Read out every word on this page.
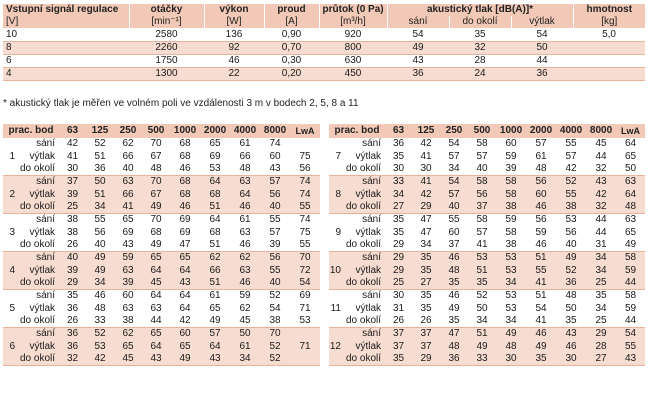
Vstupní signál regulace	otáčky	výkon	proud	průtok (0 Pa)	akustický tlak [dB(A)]*			hmotnost
[V]	[min⁻¹]	[W]	[A]	[m³/h]	sání	do okolí	výtlak	[kg]
10	2580	136	0,90	920	54	35	54	5,0
8	2260	92	0,70	800	49	32	50	
6	1750	46	0,30	630	43	28	44	
4	1300	22	0,20	450	36	24	36	
* akustický tlak je měřen ve volném poli ve vzdálenosti 3 m v bodech 2, 5, 8 a 11
prac. bod		63	125	250	500	1000	2000	4000	8000	LwA
	sání	42	52	62	70	68	65	61	74	
1	výtlak	41	51	66	67	68	69	66	60	75
	do okolí	30	36	40	48	46	53	48	43	56
	sání	37	50	63	70	68	64	63	57	74
2	výtlak	39	51	66	67	68	68	64	56	74
	do okolí	25	34	41	49	46	51	46	40	55
	sání	38	55	65	70	69	64	61	55	74
3	výtlak	38	56	69	68	69	68	63	57	75
	do okolí	26	40	43	49	47	51	46	39	55
	sání	40	49	59	65	65	62	62	56	70
4	výtlak	39	49	63	64	64	66	63	55	72
	do okolí	29	34	39	45	43	51	46	40	54
	sání	35	46	60	64	64	61	59	52	69
5	výtlak	36	48	63	63	64	65	62	54	71
	do okolí	26	33	38	44	42	49	45	38	53
	sání	36	52	62	65	60	57	50	70	
6	výtlak	36	53	65	64	65	64	61	52	71
	do okolí	32	42	45	43	49	43	34	52	
prac. bod		63	125	250	500	1000	2000	4000	8000	LwA
	sání	36	42	54	58	60	57	55	45	64
7	výtlak	35	41	57	57	59	61	57	44	65
	do okolí	30	30	34	40	39	48	42	32	50
	sání	33	41	54	58	58	56	52	43	63
8	výtlak	34	42	57	56	58	60	55	42	64
	do okolí	27	29	40	37	38	46	38	32	48
	sání	35	47	55	58	59	56	53	44	63
9	výtlak	35	47	60	57	58	59	56	44	65
	do okolí	29	34	37	41	38	46	40	31	49
	sání	29	35	46	53	53	51	49	34	58
10	výtlak	29	35	48	51	53	55	52	34	59
	do okolí	25	27	35	35	34	41	36	25	44
	sání	30	35	46	52	53	51	48	35	58
11	výtlak	31	35	49	50	53	54	50	34	59
	do okolí	26	26	35	34	34	41	35	25	44
	sání	37	37	47	51	49	46	43	29	54
12	výtlak	37	37	48	49	48	49	46	28	55
	do okolí	35	29	36	33	30	35	30	27	43
